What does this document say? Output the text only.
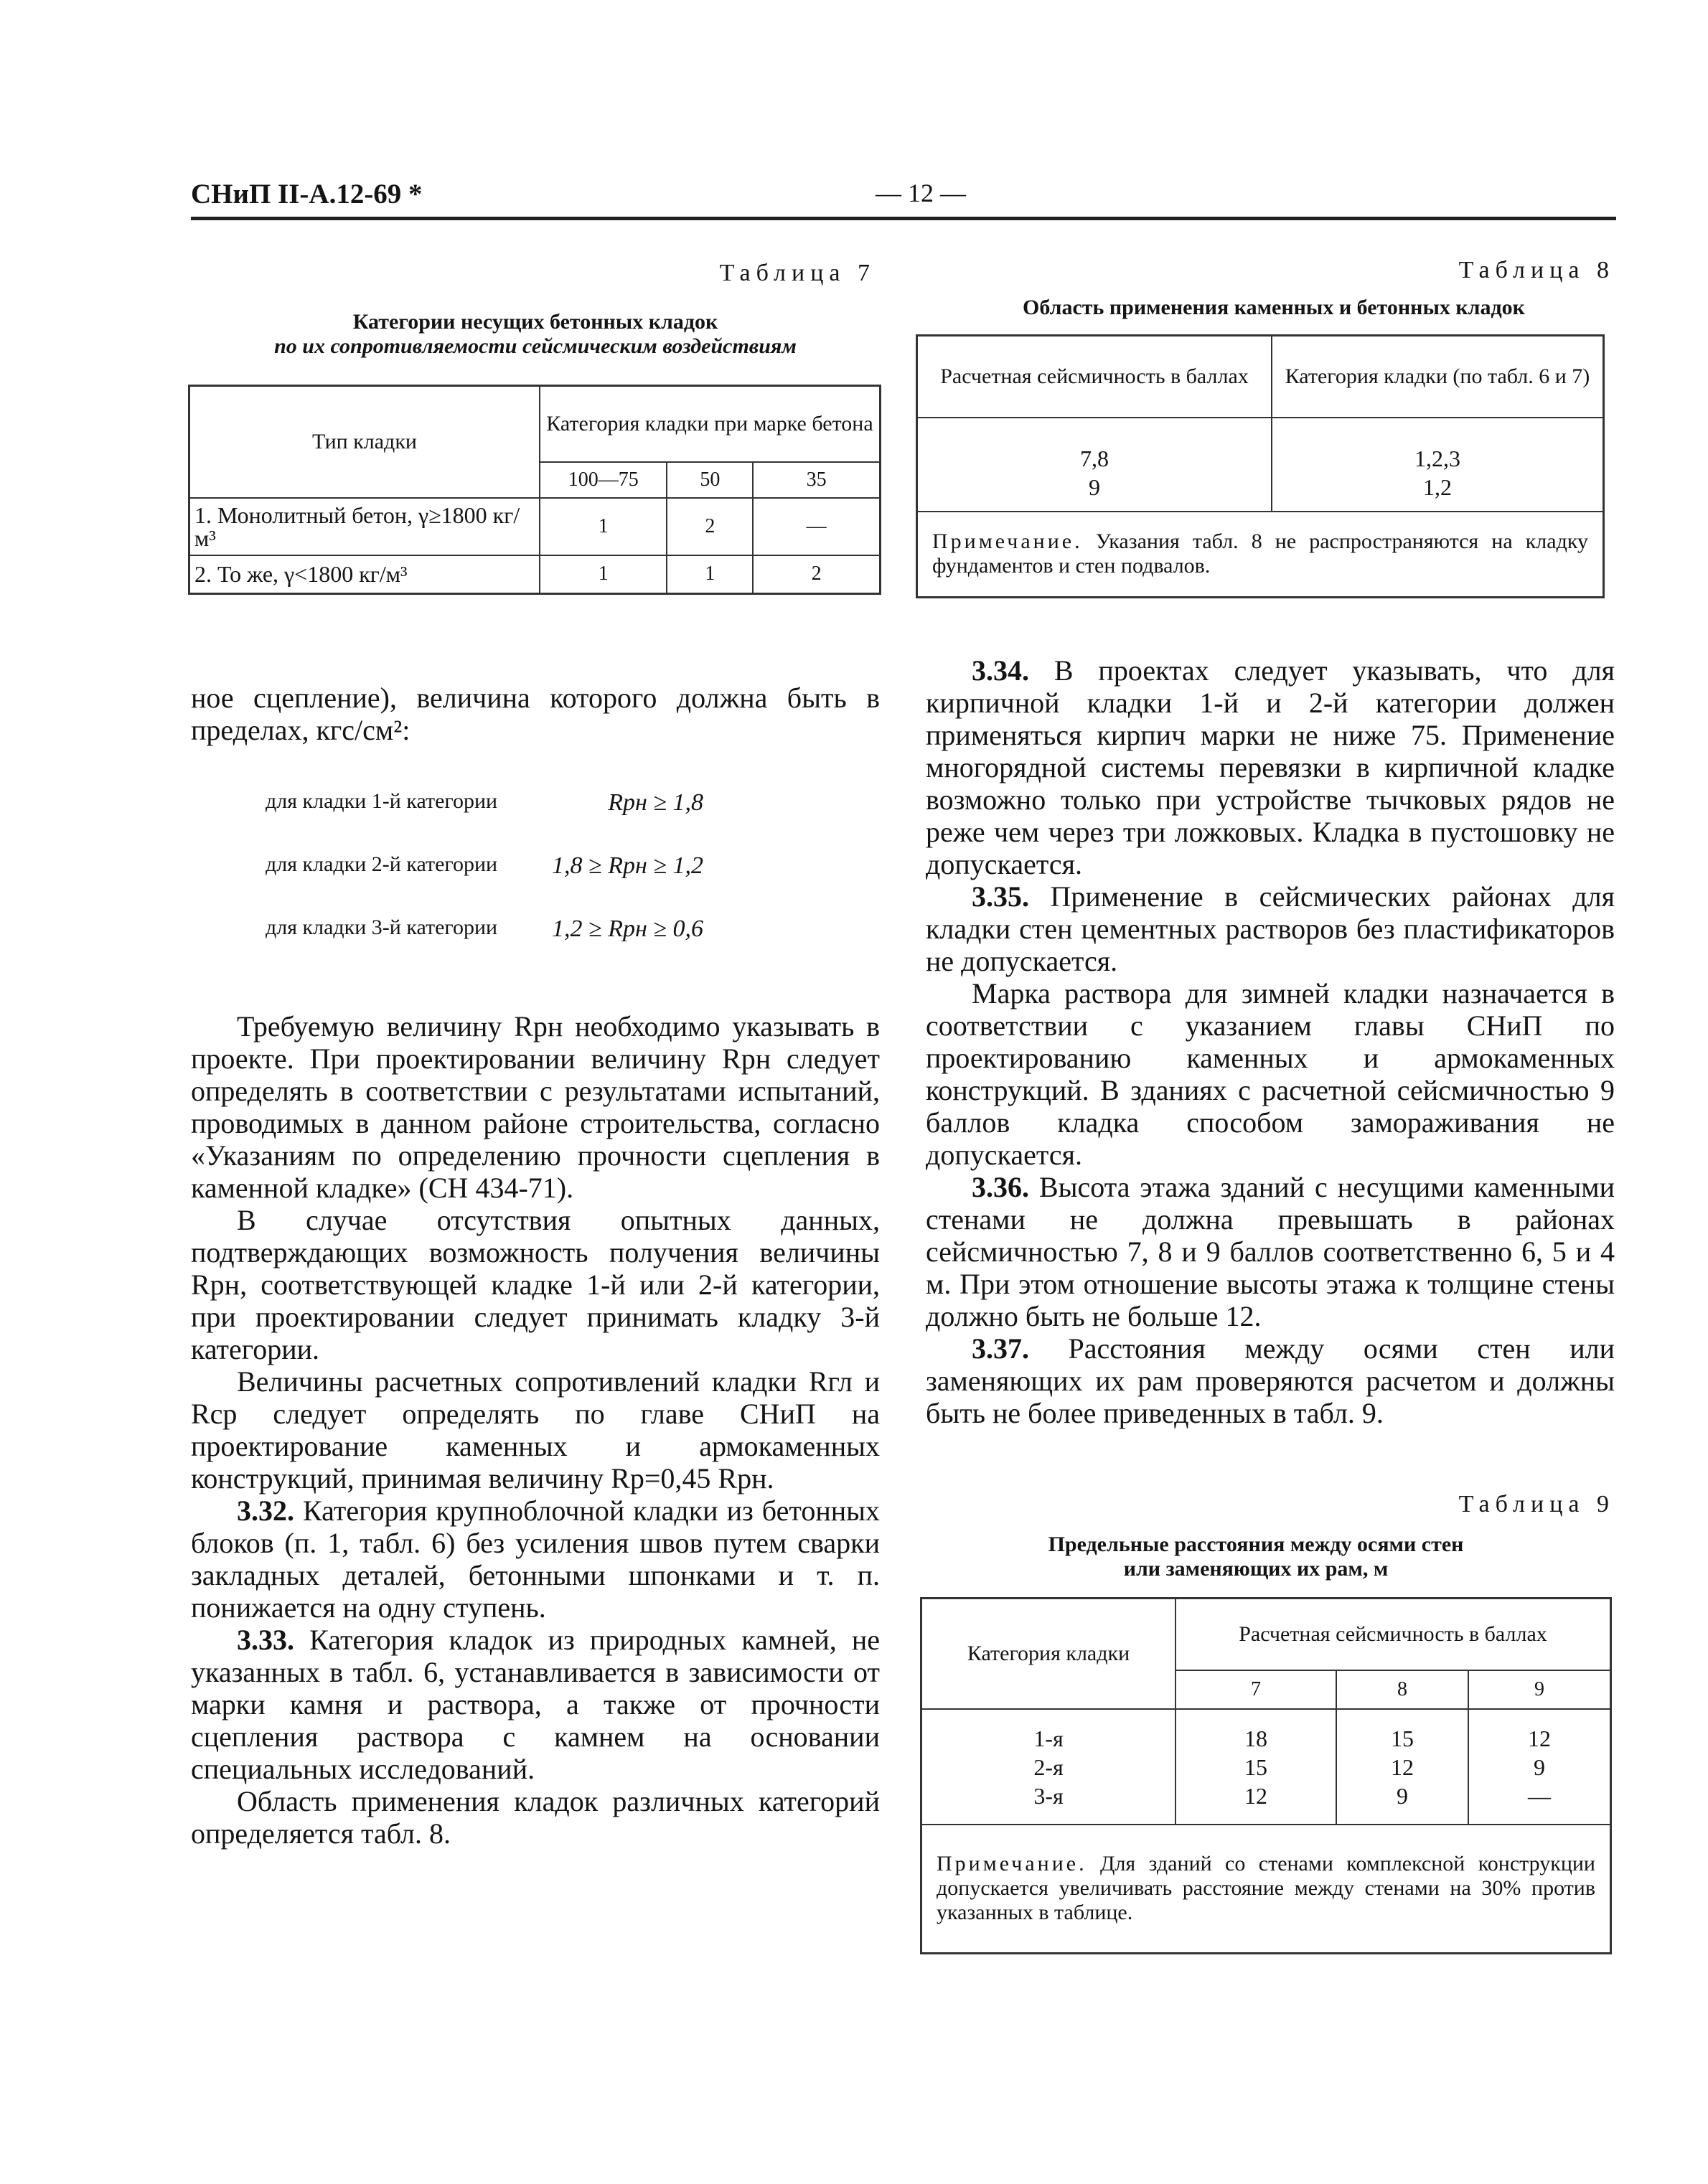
СНиП II-А.12-69 *	— 12 —
Таблица 7
Категории несущих бетонных кладок
по их сопротивляемости сейсмическим воздействиям
Тип кладки	Категория кладки при марке бетона		
	100—75	50	35
1. Монолитный бетон, γ≥1800 кг/м³	1	2	—
2. То же, γ<1800 кг/м³	1	1	2

ное сцепление), величина которого должна быть в пределах, кгс/см²:

для кладки 1-й категории	Rрн ≥ 1,8
для кладки 2-й категории	1,8 ≥ Rрн ≥ 1,2
для кладки 3-й категории	1,2 ≥ Rрн ≥ 0,6

Требуемую величину Rрн необходимо указывать в проекте. При проектировании величину Rрн следует определять в соответствии с результатами испытаний, проводимых в данном районе строительства, согласно «Указаниям по определению прочности сцепления в каменной кладке» (СН 434-71).

В случае отсутствия опытных данных, подтверждающих возможность получения величины Rрн, соответствующей кладке 1-й или 2-й категории, при проектировании следует принимать кладку 3-й категории.

Величины расчетных сопротивлений кладки Rгл и Rср следует определять по главе СНиП на проектирование каменных и армокаменных конструкций, принимая величину Rр=0,45 Rрн.

3.32. Категория крупноблочной кладки из бетонных блоков (п. 1, табл. 6) без усиления швов путем сварки закладных деталей, бетонными шпонками и т. п. понижается на одну ступень.

3.33. Категория кладок из природных камней, не указанных в табл. 6, устанавливается в зависимости от марки камня и раствора, а также от прочности сцепления раствора с камнем на основании специальных исследований.

Область применения кладок различных категорий определяется табл. 8.

Таблица 8
Область применения каменных и бетонных кладок
Расчетная сейсмичность в баллах	Категория кладки (по табл. 6 и 7)
7,8	1,2,3
9	1,2
Примечание. Указания табл. 8 не распространяются на кладку фундаментов и стен подвалов.	

3.34. В проектах следует указывать, что для кирпичной кладки 1-й и 2-й категории должен применяться кирпич марки не ниже 75. Применение многорядной системы перевязки в кирпичной кладке возможно только при устройстве тычковых рядов не реже чем через три ложковых. Кладка в пустошовку не допускается.

3.35. Применение в сейсмических районах для кладки стен цементных растворов без пластификаторов не допускается.

Марка раствора для зимней кладки назначается в соответствии с указанием главы СНиП по проектированию каменных и армокаменных конструкций. В зданиях с расчетной сейсмичностью 9 баллов кладка способом замораживания не допускается.

3.36. Высота этажа зданий с несущими каменными стенами не должна превышать в районах сейсмичностью 7, 8 и 9 баллов соответственно 6, 5 и 4 м. При этом отношение высоты этажа к толщине стены должно быть не больше 12.

3.37. Расстояния между осями стен или заменяющих их рам проверяются расчетом и должны быть не более приведенных в табл. 9.

Таблица 9
Предельные расстояния между осями стен
или заменяющих их рам, м
Категория кладки	Расчетная сейсмичность в баллах		
	7	8	9
1-я	18	15	12
2-я	15	12	9
3-я	12	9	—
Примечание. Для зданий со стенами комплексной конструкции допускается увеличивать расстояние между стенами на 30% против указанных в таблице.			
